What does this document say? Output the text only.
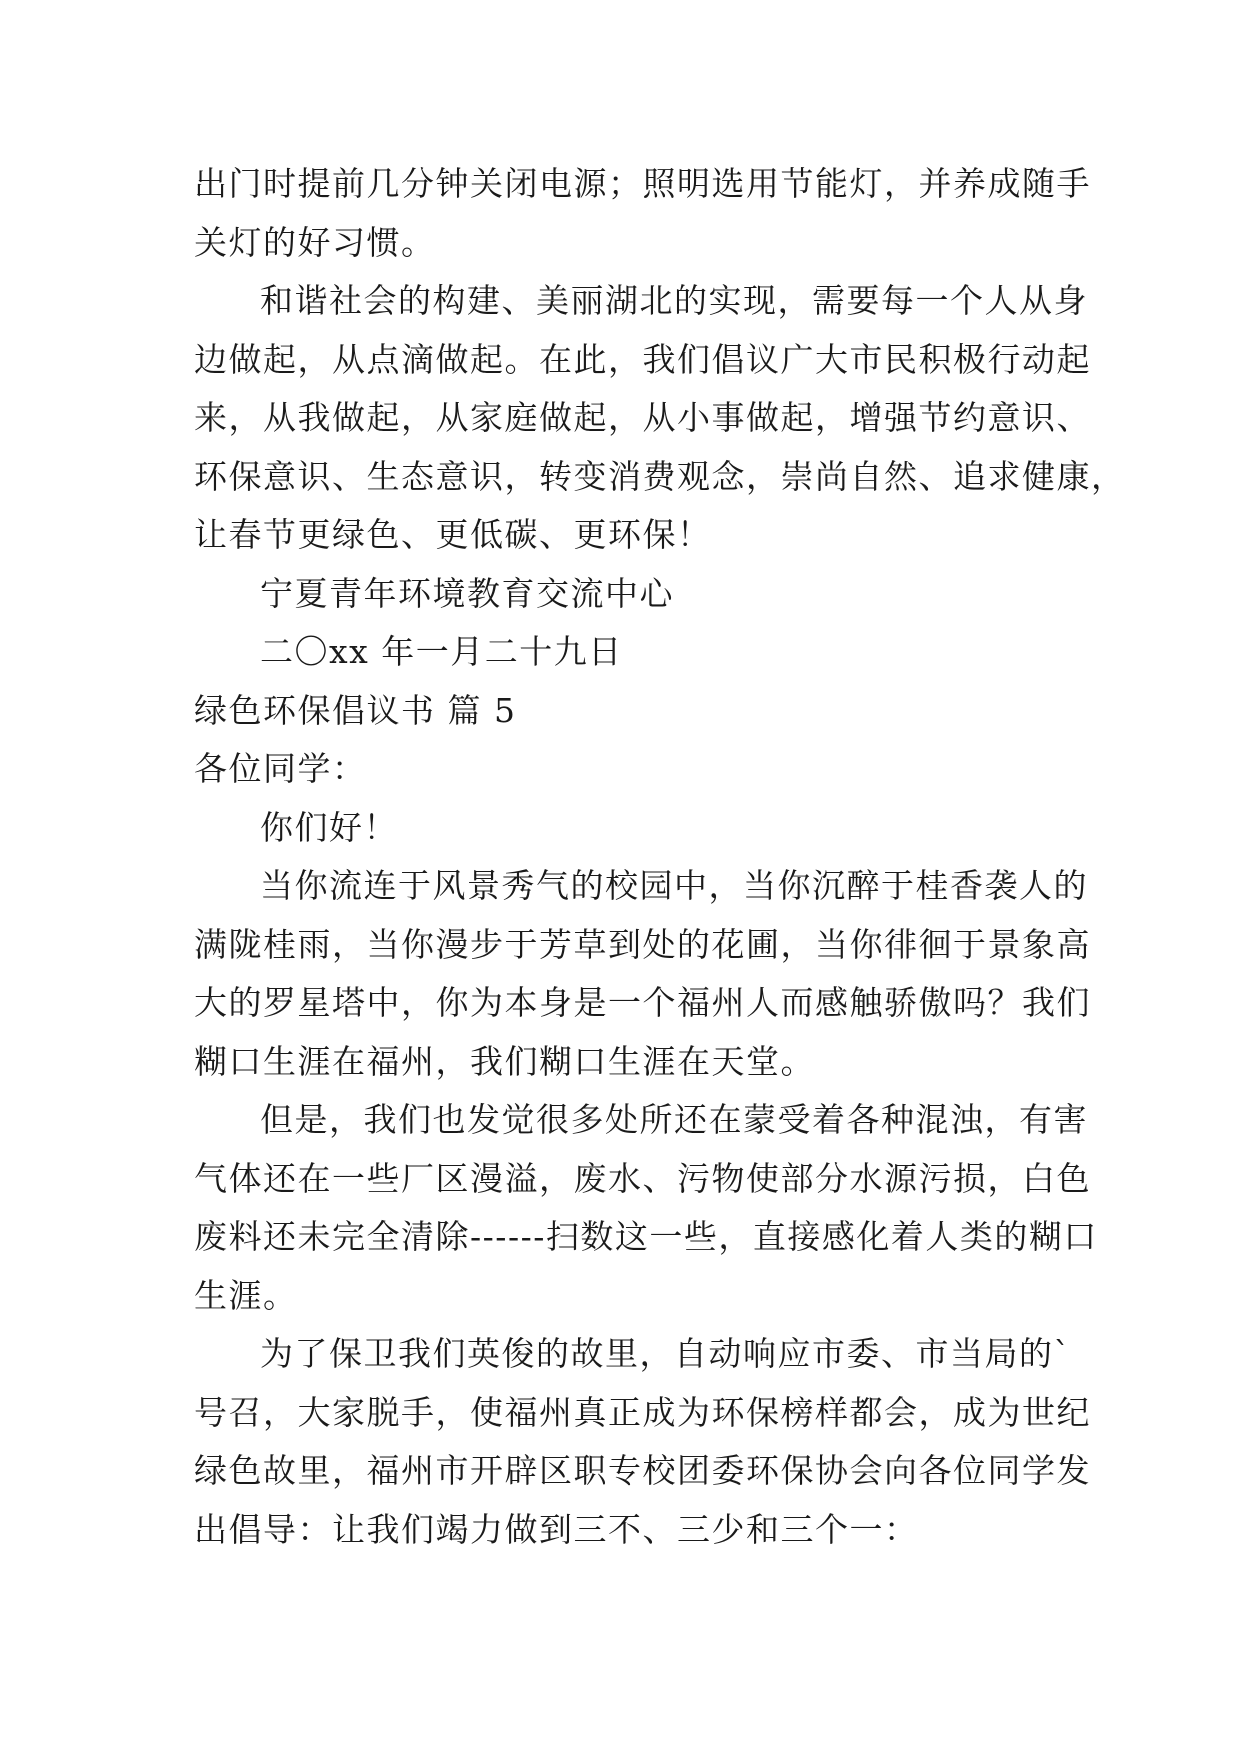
出门时提前几分钟关闭电源；照明选用节能灯，并养成随手
关灯的好习惯。
和谐社会的构建、美丽湖北的实现，需要每一个人从身
边做起，从点滴做起。在此，我们倡议广大市民积极行动起
来，从我做起，从家庭做起，从小事做起，增强节约意识、
环保意识、生态意识，转变消费观念，崇尚自然、追求健康，
让春节更绿色、更低碳、更环保！
宁夏青年环境教育交流中心
二〇xx 年一月二十九日
绿色环保倡议书 篇 5
各位同学：
你们好！
当你流连于风景秀气的校园中，当你沉醉于桂香袭人的
满陇桂雨，当你漫步于芳草到处的花圃，当你徘徊于景象高
大的罗星塔中，你为本身是一个福州人而感触骄傲吗？我们
糊口生涯在福州，我们糊口生涯在天堂。
但是，我们也发觉很多处所还在蒙受着各种混浊，有害
气体还在一些厂区漫溢，废水、污物使部分水源污损，白色
废料还未完全清除------扫数这一些，直接感化着人类的糊口
生涯。
为了保卫我们英俊的故里，自动响应市委、市当局的`
号召，大家脱手，使福州真正成为环保榜样都会，成为世纪
绿色故里，福州市开辟区职专校团委环保协会向各位同学发
出倡导：让我们竭力做到三不、三少和三个一：
